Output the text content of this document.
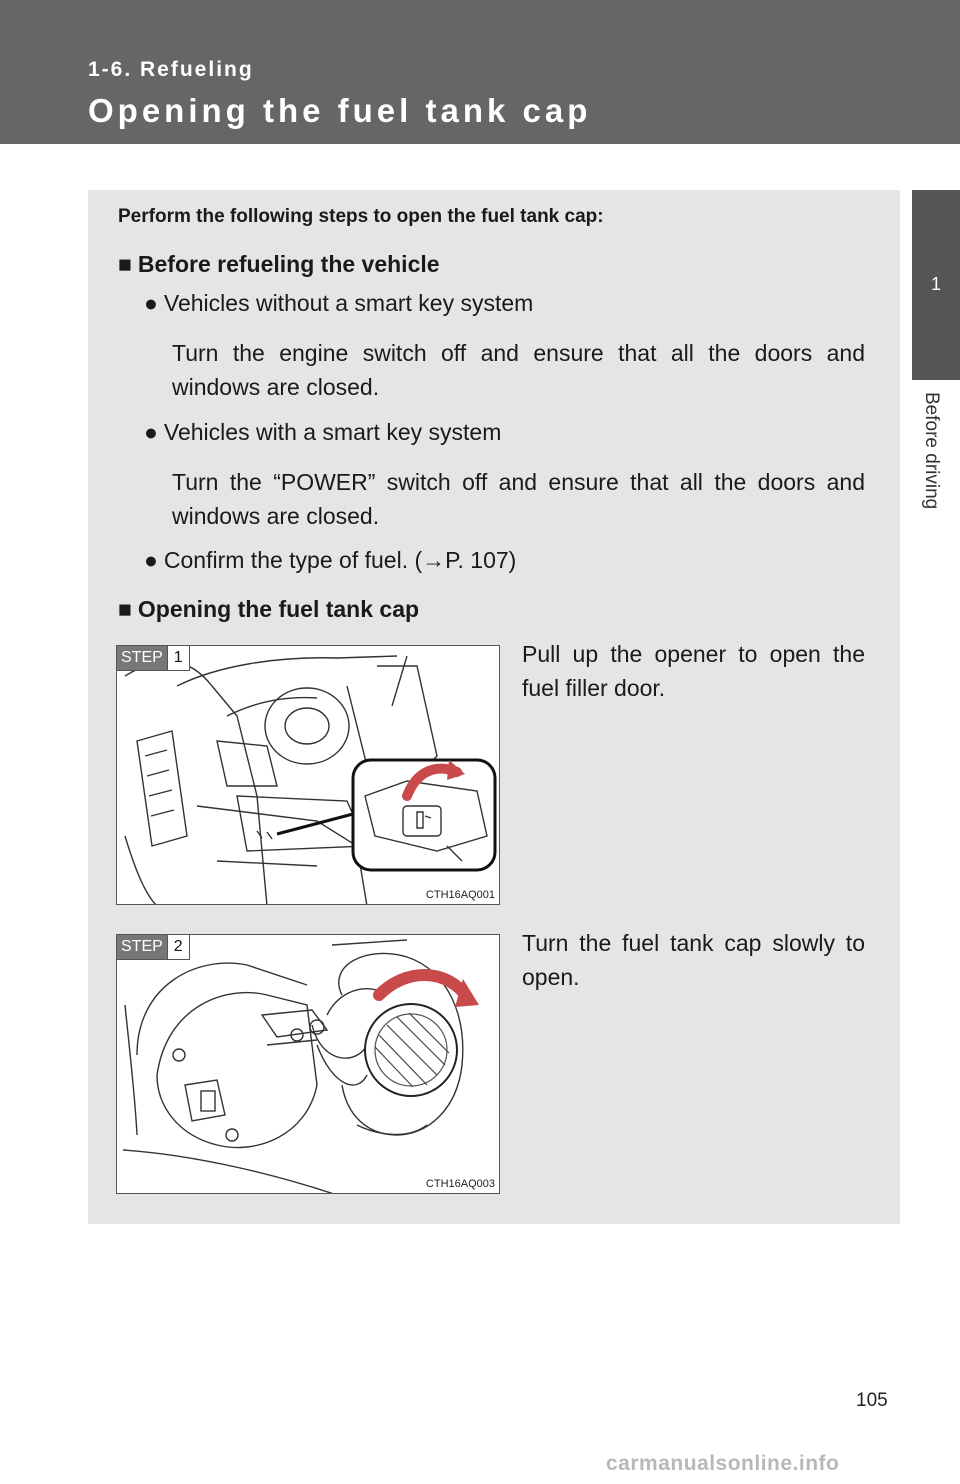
1-6. Refueling
Opening the fuel tank cap
1
Before driving
Perform the following steps to open the fuel tank cap:
■ Before refueling the vehicle
● Vehicles without a smart key system
Turn the engine switch off and ensure that all the doors and windows are closed.
● Vehicles with a smart key system
Turn the “POWER” switch off and ensure that all the doors and windows are closed.
● Confirm the type of fuel. (→P. 107)
■ Opening the fuel tank cap
STEP 1
CTH16AQ001
Pull up the opener to open the fuel filler door.
STEP 2
CTH16AQ003
Turn the fuel tank cap slowly to open.
105
carmanualsonline.info
